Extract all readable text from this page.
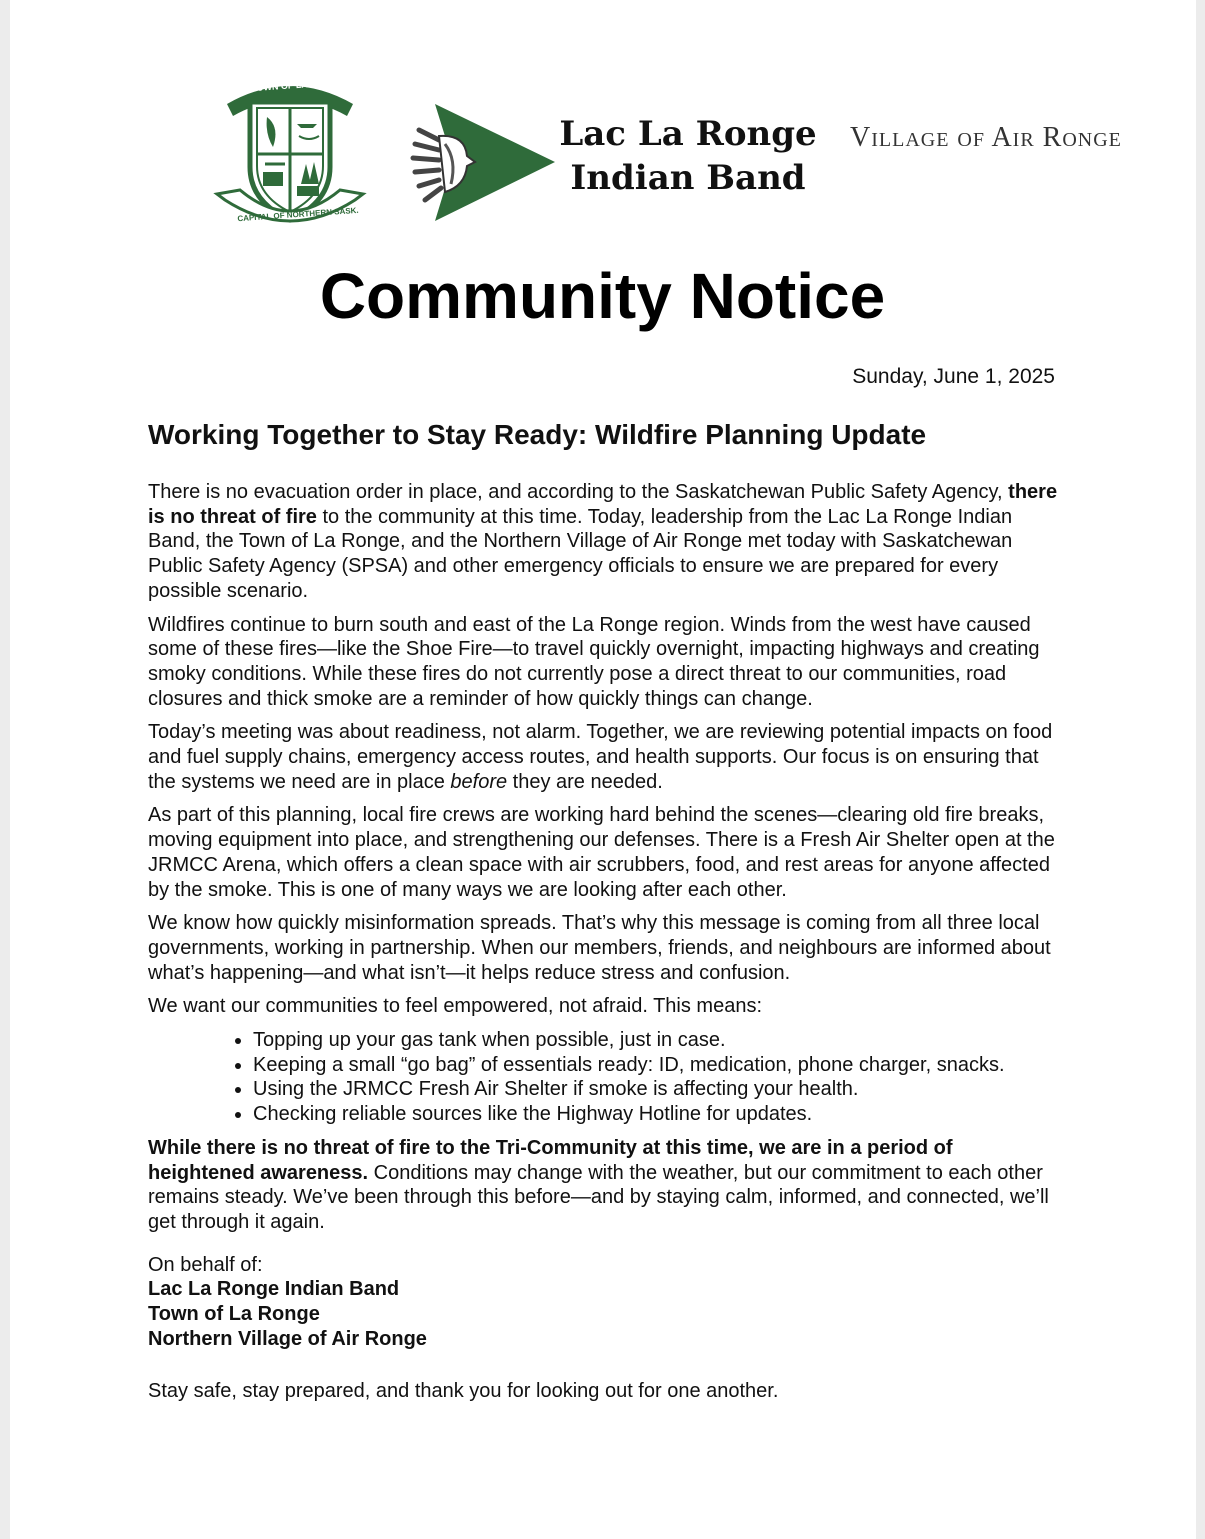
TOWN OF LA RONGE
CAPITAL OF NORTHERN SASK.
Lac La Ronge
Indian Band
Village of Air Ronge
Community Notice
Sunday, June 1, 2025
Working Together to Stay Ready: Wildfire Planning Update

There is no evacuation order in place, and according to the Saskatchewan Public Safety Agency, there is no threat of fire to the community at this time. Today, leadership from the Lac La Ronge Indian Band, the Town of La Ronge, and the Northern Village of Air Ronge met today with Saskatchewan Public Safety Agency (SPSA) and other emergency officials to ensure we are prepared for every possible scenario.

Wildfires continue to burn south and east of the La Ronge region. Winds from the west have caused some of these fires—like the Shoe Fire—to travel quickly overnight, impacting highways and creating smoky conditions. While these fires do not currently pose a direct threat to our communities, road closures and thick smoke are a reminder of how quickly things can change.

Today’s meeting was about readiness, not alarm. Together, we are reviewing potential impacts on food and fuel supply chains, emergency access routes, and health supports. Our focus is on ensuring that the systems we need are in place before they are needed.

As part of this planning, local fire crews are working hard behind the scenes—clearing old fire breaks, moving equipment into place, and strengthening our defenses. There is a Fresh Air Shelter open at the JRMCC Arena, which offers a clean space with air scrubbers, food, and rest areas for anyone affected by the smoke. This is one of many ways we are looking after each other.

We know how quickly misinformation spreads. That’s why this message is coming from all three local governments, working in partnership. When our members, friends, and neighbours are informed about what’s happening—and what isn’t—it helps reduce stress and confusion.

We want our communities to feel empowered, not afraid. This means:

• Topping up your gas tank when possible, just in case.
• Keeping a small “go bag” of essentials ready: ID, medication, phone charger, snacks.
• Using the JRMCC Fresh Air Shelter if smoke is affecting your health.
• Checking reliable sources like the Highway Hotline for updates.

While there is no threat of fire to the Tri-Community at this time, we are in a period of heightened awareness. Conditions may change with the weather, but our commitment to each other remains steady. We’ve been through this before—and by staying calm, informed, and connected, we’ll get through it again.

On behalf of:
Lac La Ronge Indian Band
Town of La Ronge
Northern Village of Air Ronge
Stay safe, stay prepared, and thank you for looking out for one another.
